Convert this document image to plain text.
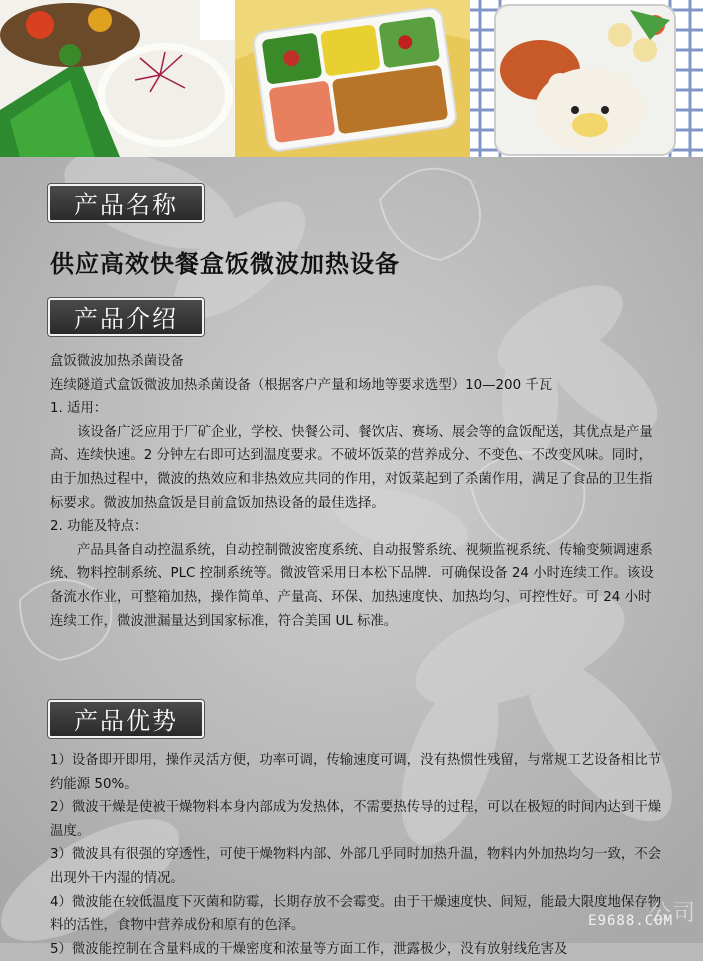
产品名称
供应高效快餐盒饭微波加热设备
产品介绍

盒饭微波加热杀菌设备

连续隧道式盒饭微波加热杀菌设备（根据客户产量和场地等要求选型）10—200 千瓦

1. 适用：

该设备广泛应用于厂矿企业，学校、快餐公司、餐饮店、赛场、展会等的盒饭配送，其优点是产量高、连续快速。2 分钟左右即可达到温度要求。不破坏饭菜的营养成分、不变色、不改变风味。同时，由于加热过程中，微波的热效应和非热效应共同的作用，对饭菜起到了杀菌作用，满足了食品的卫生指标要求。微波加热盒饭是目前盒饭加热设备的最佳选择。

2. 功能及特点：

产品具备自动控温系统，自动控制微波密度系统、自动报警系统、视频监视系统、传输变频调速系统、物料控制系统、PLC 控制系统等。微波管采用日本松下品牌．可确保设备 24 小时连续工作。该设备流水作业，可整箱加热，操作简单、产量高、环保、加热速度快、加热均匀、可控性好。可 24 小时连续工作，微波泄漏量达到国家标准，符合美国 UL 标准。

产品优势

1）设备即开即用，操作灵活方便，功率可调，传输速度可调，没有热惯性残留，与常规工艺设备相比节约能源 50%。

2）微波干燥是使被干燥物料本身内部成为发热体，不需要热传导的过程，可以在极短的时间内达到干燥温度。

3）微波具有很强的穿透性，可使干燥物料内部、外部几乎同时加热升温，物料内外加热均匀一致，不会出现外干内湿的情况。

4）微波能在较低温度下灭菌和防霉，长期存放不会霉变。由于干燥速度快、间短，能最大限度地保存物料的活性，食物中营养成份和原有的色泽。

5）微波能控制在含量料成的干燥密度和浓量等方面工作，泄露极少，没有放射线危害及

公司
E9688.COM
